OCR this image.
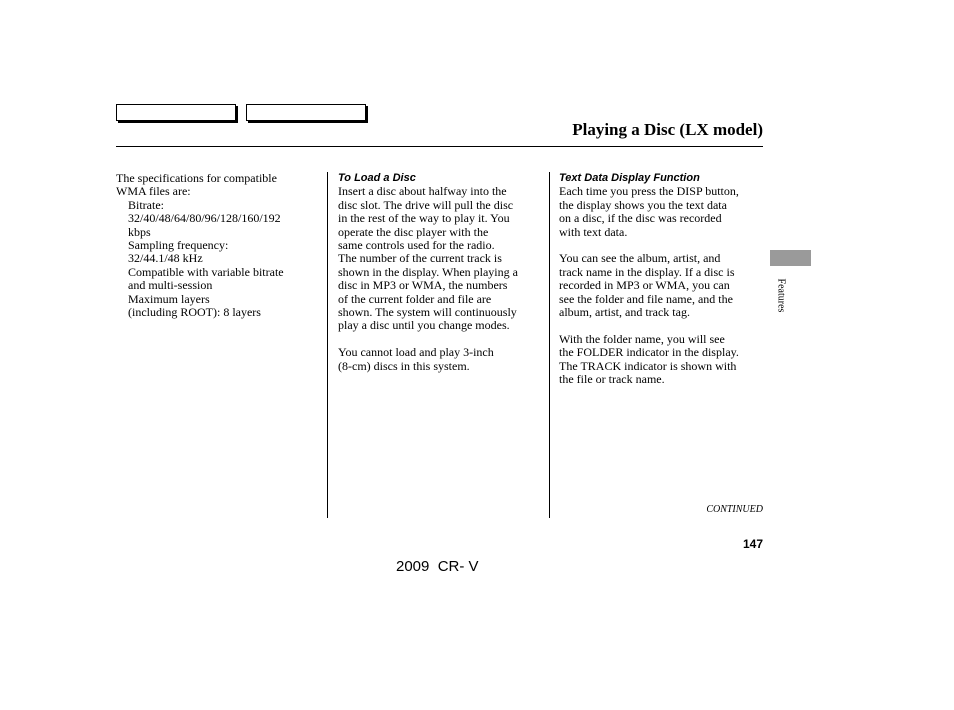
Playing a Disc (LX model)

The specifications for compatible
WMA files are:

Bitrate:
32/40/48/64/80/96/128/160/192
kbps

Sampling frequency:
32/44.1/48 kHz

Compatible with variable bitrate
and multi-session

Maximum layers
(including ROOT): 8 layers

To Load a Disc

Insert a disc about halfway into the
disc slot. The drive will pull the disc
in the rest of the way to play it. You
operate the disc player with the
same controls used for the radio.
The number of the current track is
shown in the display. When playing a
disc in MP3 or WMA, the numbers
of the current folder and file are
shown. The system will continuously
play a disc until you change modes.

You cannot load and play 3-inch
(8-cm) discs in this system.

Text Data Display Function

Each time you press the DISP button,
the display shows you the text data
on a disc, if the disc was recorded
with text data.

You can see the album, artist, and
track name in the display. If a disc is
recorded in MP3 or WMA, you can
see the folder and file name, and the
album, artist, and track tag.

With the folder name, you will see
the FOLDER indicator in the display.
The TRACK indicator is shown with
the file or track name.

Features
CONTINUED
147
2009  CR- V
